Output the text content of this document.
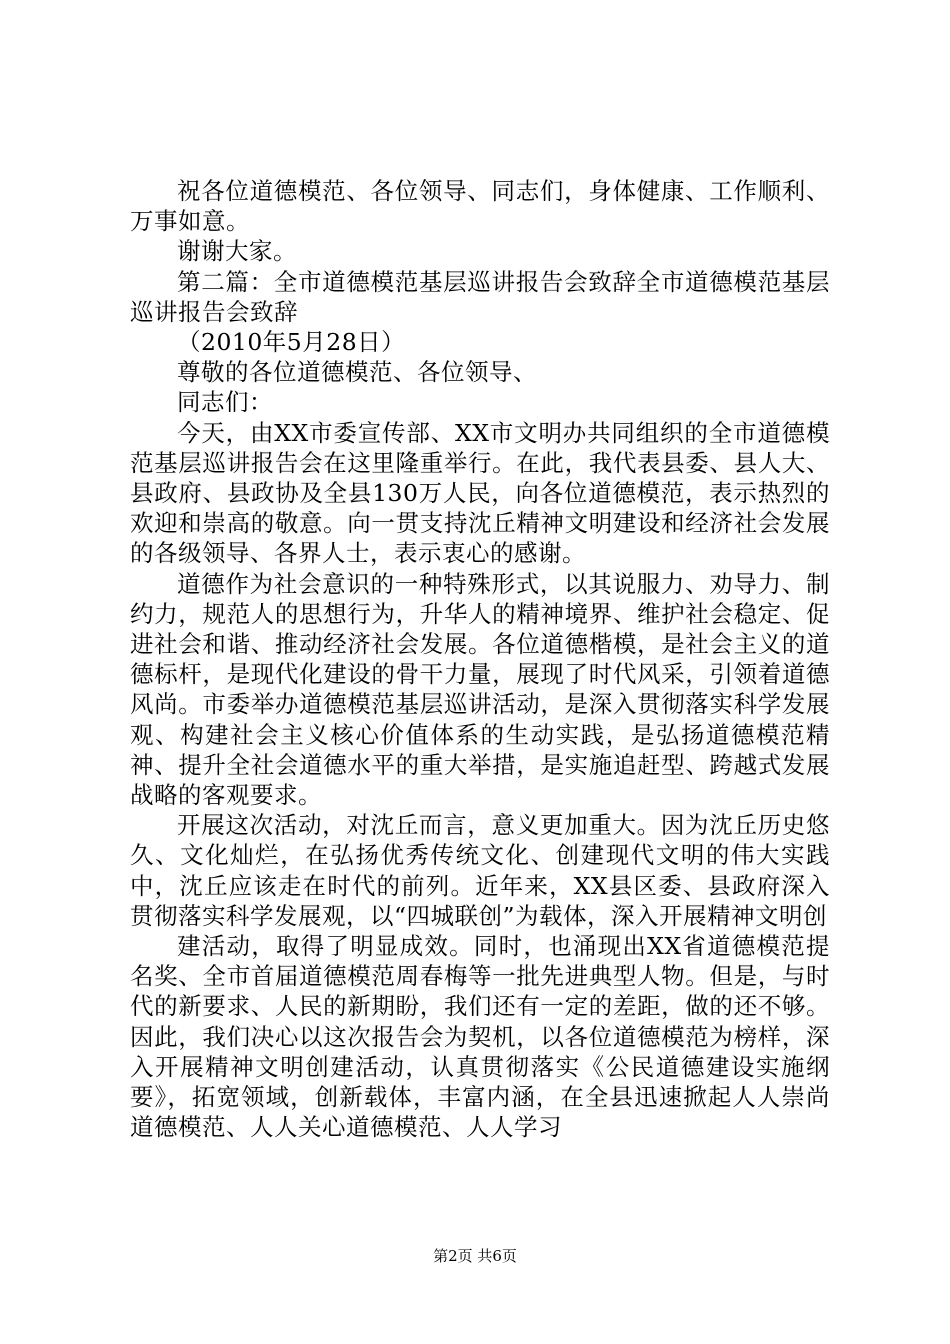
祝各位道德模范、各位领导、同志们，身体健康、工作顺利、万事如意。

谢谢大家。

第二篇：全市道德模范基层巡讲报告会致辞全市道德模范基层巡讲报告会致辞

（2010年5月28日）

尊敬的各位道德模范、各位领导、

同志们：

今天，由XX市委宣传部、XX市文明办共同组织的全市道德模范基层巡讲报告会在这里隆重举行。在此，我代表县委、县人大、县政府、县政协及全县130万人民，向各位道德模范，表示热烈的欢迎和崇高的敬意。向一贯支持沈丘精神文明建设和经济社会发展的各级领导、各界人士，表示衷心的感谢。

道德作为社会意识的一种特殊形式，以其说服力、劝导力、制约力，规范人的思想行为，升华人的精神境界、维护社会稳定、促进社会和谐、推动经济社会发展。各位道德楷模，是社会主义的道德标杆，是现代化建设的骨干力量，展现了时代风采，引领着道德风尚。市委举办道德模范基层巡讲活动，是深入贯彻落实科学发展观、构建社会主义核心价值体系的生动实践，是弘扬道德模范精神、提升全社会道德水平的重大举措，是实施追赶型、跨越式发展战略的客观要求。

开展这次活动，对沈丘而言，意义更加重大。因为沈丘历史悠久、文化灿烂，在弘扬优秀传统文化、创建现代文明的伟大实践中，沈丘应该走在时代的前列。近年来，XX县区委、县政府深入贯彻落实科学发展观，以“四城联创”为载体，深入开展精神文明创

建活动，取得了明显成效。同时，也涌现出XX省道德模范提名奖、全市首届道德模范周春梅等一批先进典型人物。但是，与时代的新要求、人民的新期盼，我们还有一定的差距，做的还不够。因此，我们决心以这次报告会为契机，以各位道德模范为榜样，深入开展精神文明创建活动，认真贯彻落实《公民道德建设实施纲要》，拓宽领域，创新载体，丰富内涵，在全县迅速掀起人人崇尚道德模范、人人关心道德模范、人人学习

第2页 共6页
